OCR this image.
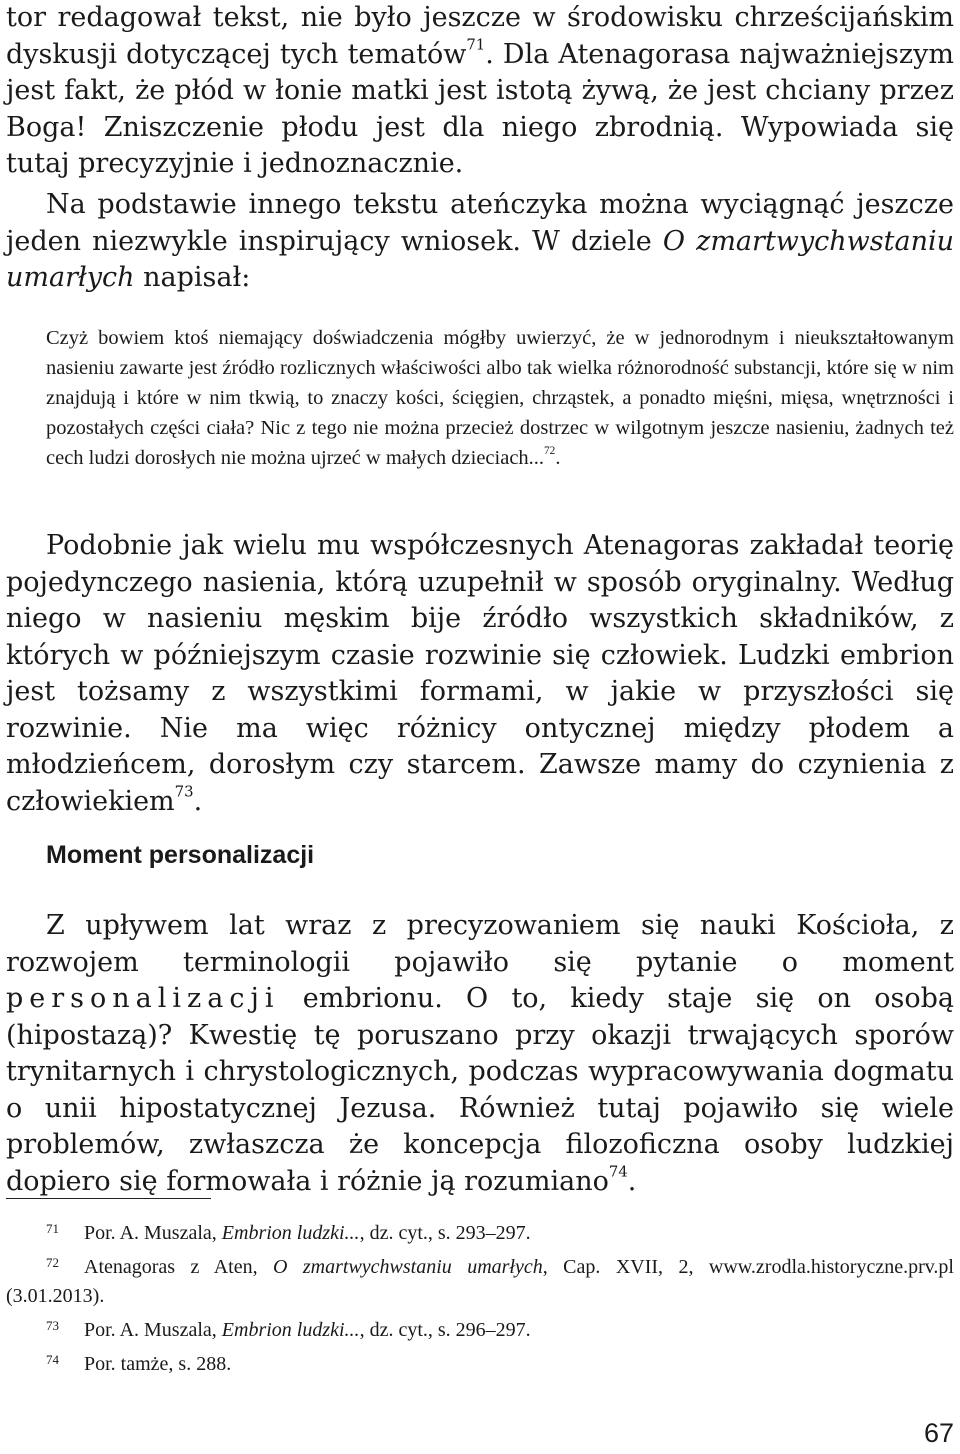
tor redagował tekst, nie było jeszcze w środowisku chrześcijańskim dyskusji dotyczącej tych tematów$^{71}$. Dla Atenagorasa najważniejszym jest fakt, że płód w łonie matki jest istotą żywą, że jest chciany przez Boga! Zniszczenie płodu jest dla niego zbrodnią. Wypowiada się tutaj precyzyjnie i jednoznacznie.

Na podstawie innego tekstu ateńczyka można wyciągnąć jeszcze jeden niezwykle inspirujący wniosek. W dziele O zmartwychwstaniu umarłych napisał:

Czyż bowiem ktoś niemający doświadczenia mógłby uwierzyć, że w jednorodnym i nieukształtowanym nasieniu zawarte jest źródło rozlicznych właściwości albo tak wielka różnorodność substancji, które się w nim znajdują i które w nim tkwią, to znaczy kości, ścięgien, chrząstek, a ponadto mięśni, mięsa, wnętrzności i pozostałych części ciała? Nic z tego nie można przecież dostrzec w wilgotnym jeszcze nasieniu, żadnych też cech ludzi dorosłych nie można ujrzeć w małych dzieciach...$^{72}$.

Podobnie jak wielu mu współczesnych Atenagoras zakładał teorię pojedynczego nasienia, którą uzupełnił w sposób oryginalny. Według niego w nasieniu męskim bije źródło wszystkich składników, z których w późniejszym czasie rozwinie się człowiek. Ludzki embrion jest tożsamy z wszystkimi formami, w jakie w przyszłości się rozwinie. Nie ma więc różnicy ontycznej między płodem a młodzieńcem, dorosłym czy starcem. Zawsze mamy do czynienia z człowiekiem$^{73}$.

Moment personalizacji

Z upływem lat wraz z precyzowaniem się nauki Kościoła, z rozwojem terminologii pojawiło się pytanie o moment personalizacji embrionu. O to, kiedy staje się on osobą (hipostazą)? Kwestię tę poruszano przy okazji trwających sporów trynitarnych i chrystologicznych, podczas wypracowywania dogmatu o unii hipostatycznej Jezusa. Również tutaj pojawiło się wiele problemów, zwłaszcza że koncepcja filozoficzna osoby ludzkiej dopiero się formowała i różnie ją rozumiano$^{74}$.

71 Por. A. Muszala, Embrion ludzki..., dz. cyt., s. 293–297.

72 Atenagoras z Aten, O zmartwychwstaniu umarłych, Cap. XVII, 2, www.zrodla.historyczne.prv.pl (3.01.2013).

73 Por. A. Muszala, Embrion ludzki..., dz. cyt., s. 296–297.

74 Por. tamże, s. 288.

67
